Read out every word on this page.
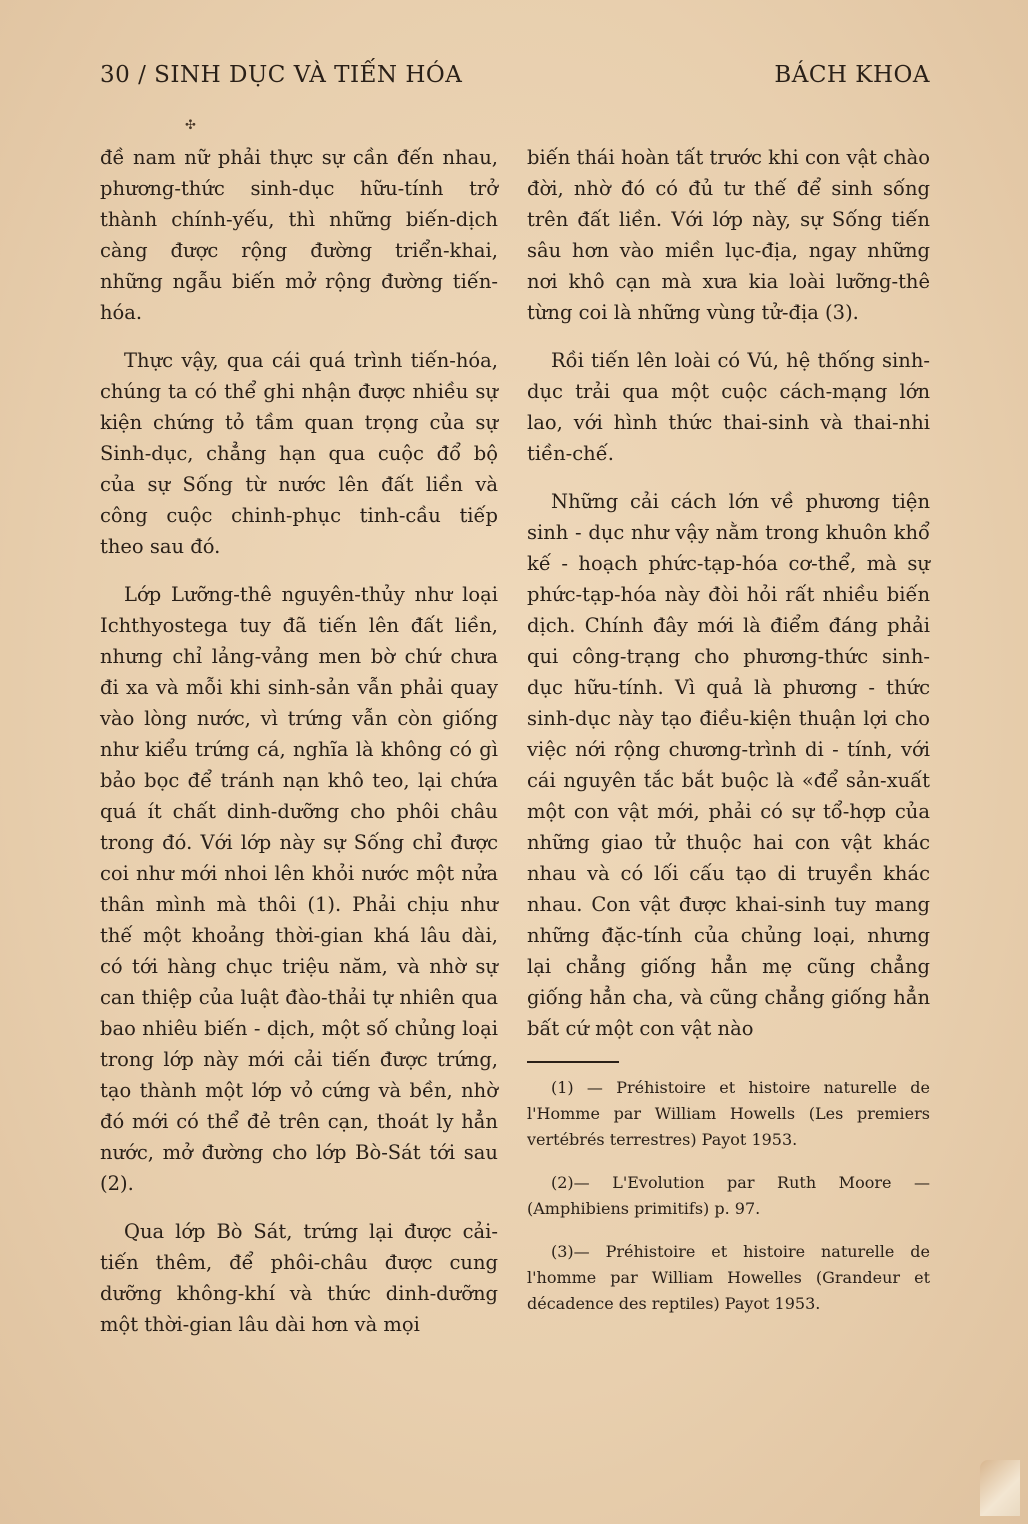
30 / SINH DỤC VÀ TIẾN HÓA	BÁCH KHOA
✣

đề nam nữ phải thực sự cần đến nhau, phương-thức sinh-dục hữu-tính trở thành chính-yếu, thì những biến-dịch càng được rộng đường triển-khai, những ngẫu biến mở rộng đường tiến-hóa.

Thực vậy, qua cái quá trình tiến-hóa, chúng ta có thể ghi nhận được nhiều sự kiện chứng tỏ tầm quan trọng của sự Sinh-dục, chẳng hạn qua cuộc đổ bộ của sự Sống từ nước lên đất liền và công cuộc chinh-phục tinh-cầu tiếp theo sau đó.

Lớp Lưỡng-thê nguyên-thủy như loại Ichthyostega tuy đã tiến lên đất liền, nhưng chỉ lảng-vảng men bờ chứ chưa đi xa và mỗi khi sinh-sản vẫn phải quay vào lòng nước, vì trứng vẫn còn giống như kiểu trứng cá, nghĩa là không có gì bảo bọc để tránh nạn khô teo, lại chứa quá ít chất dinh-dưỡng cho phôi châu trong đó. Với lớp này sự Sống chỉ được coi như mới nhoi lên khỏi nước một nửa thân mình mà thôi (1). Phải chịu như thế một khoảng thời-gian khá lâu dài, có tới hàng chục triệu năm, và nhờ sự can thiệp của luật đào-thải tự nhiên qua bao nhiêu biến - dịch, một số chủng loại trong lớp này mới cải tiến được trứng, tạo thành một lớp vỏ cứng và bền, nhờ đó mới có thể đẻ trên cạn, thoát ly hẳn nước, mở đường cho lớp Bò-Sát tới sau (2).

Qua lớp Bò Sát, trứng lại được cải-tiến thêm, để phôi-châu được cung dưỡng không-khí và thức dinh-dưỡng một thời-gian lâu dài hơn và mọi

biến thái hoàn tất trước khi con vật chào đời, nhờ đó có đủ tư thế để sinh sống trên đất liền. Với lớp này, sự Sống tiến sâu hơn vào miền lục-địa, ngay những nơi khô cạn mà xưa kia loài lưỡng-thê từng coi là những vùng tử-địa (3).

Rồi tiến lên loài có Vú, hệ thống sinh-dục trải qua một cuộc cách-mạng lớn lao, với hình thức thai-sinh và thai-nhi tiền-chế.

Những cải cách lớn về phương tiện sinh - dục như vậy nằm trong khuôn khổ kế - hoạch phức-tạp-hóa cơ-thể, mà sự phức-tạp-hóa này đòi hỏi rất nhiều biến dịch. Chính đây mới là điểm đáng phải qui công-trạng cho phương-thức sinh-dục hữu-tính. Vì quả là phương - thức sinh-dục này tạo điều-kiện thuận lợi cho việc nới rộng chương-trình di - tính, với cái nguyên tắc bắt buộc là «để sản-xuất một con vật mới, phải có sự tổ-hợp của những giao tử thuộc hai con vật khác nhau và có lối cấu tạo di truyền khác nhau. Con vật được khai-sinh tuy mang những đặc-tính của chủng loại, nhưng lại chẳng giống hẳn mẹ cũng chẳng giống hẳn cha, và cũng chẳng giống hẳn bất cứ một con vật nào

(1) — Préhistoire et histoire naturelle de l'Homme par William Howells (Les premiers vertébrés terrestres) Payot 1953.

(2)— L'Evolution par Ruth Moore — (Amphibiens primitifs) p. 97.

(3)— Préhistoire et histoire naturelle de l'homme par William Howelles (Grandeur et décadence des reptiles) Payot 1953.
